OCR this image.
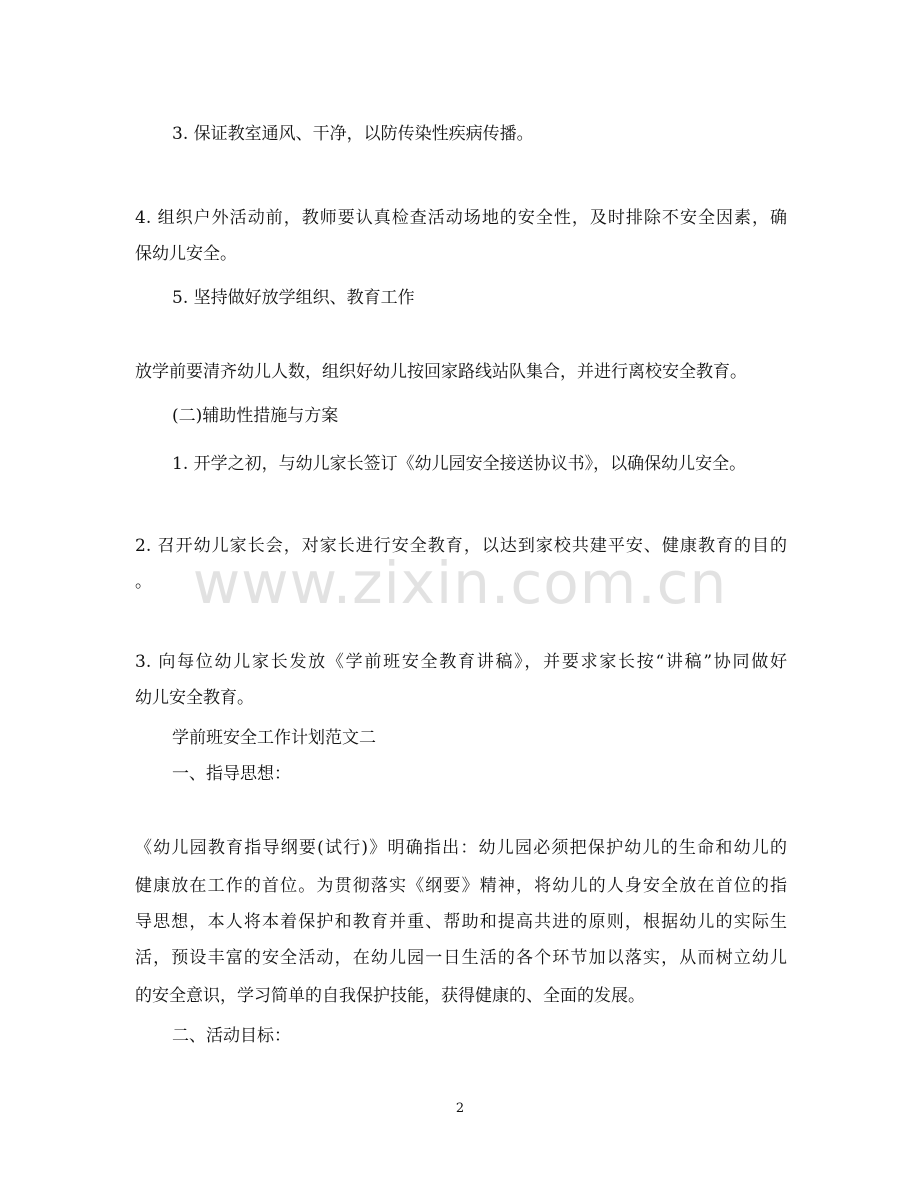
3. 保证教室通风、干净，以防传染性疾病传播。
4. 组织户外活动前，教师要认真检查活动场地的安全性，及时排除不安全因素，确
保幼儿安全。
5. 坚持做好放学组织、教育工作
放学前要清齐幼儿人数，组织好幼儿按回家路线站队集合，并进行离校安全教育。
(二)辅助性措施与方案
1. 开学之初，与幼儿家长签订《幼儿园安全接送协议书》，以确保幼儿安全。
2. 召开幼儿家长会，对家长进行安全教育，以达到家校共建平安、健康教育的目的
。
3. 向每位幼儿家长发放《学前班安全教育讲稿》，并要求家长按“讲稿”协同做好
幼儿安全教育。
学前班安全工作计划范文二
一、指导思想：
《幼儿园教育指导纲要(试行)》明确指出：幼儿园必须把保护幼儿的生命和幼儿的
健康放在工作的首位。为贯彻落实《纲要》精神，将幼儿的人身安全放在首位的指
导思想，本人将本着保护和教育并重、帮助和提高共进的原则，根据幼儿的实际生
活，预设丰富的安全活动，在幼儿园一日生活的各个环节加以落实，从而树立幼儿
的安全意识，学习简单的自我保护技能，获得健康的、全面的发展。
二、活动目标：
www.zixin.com.cn
2
